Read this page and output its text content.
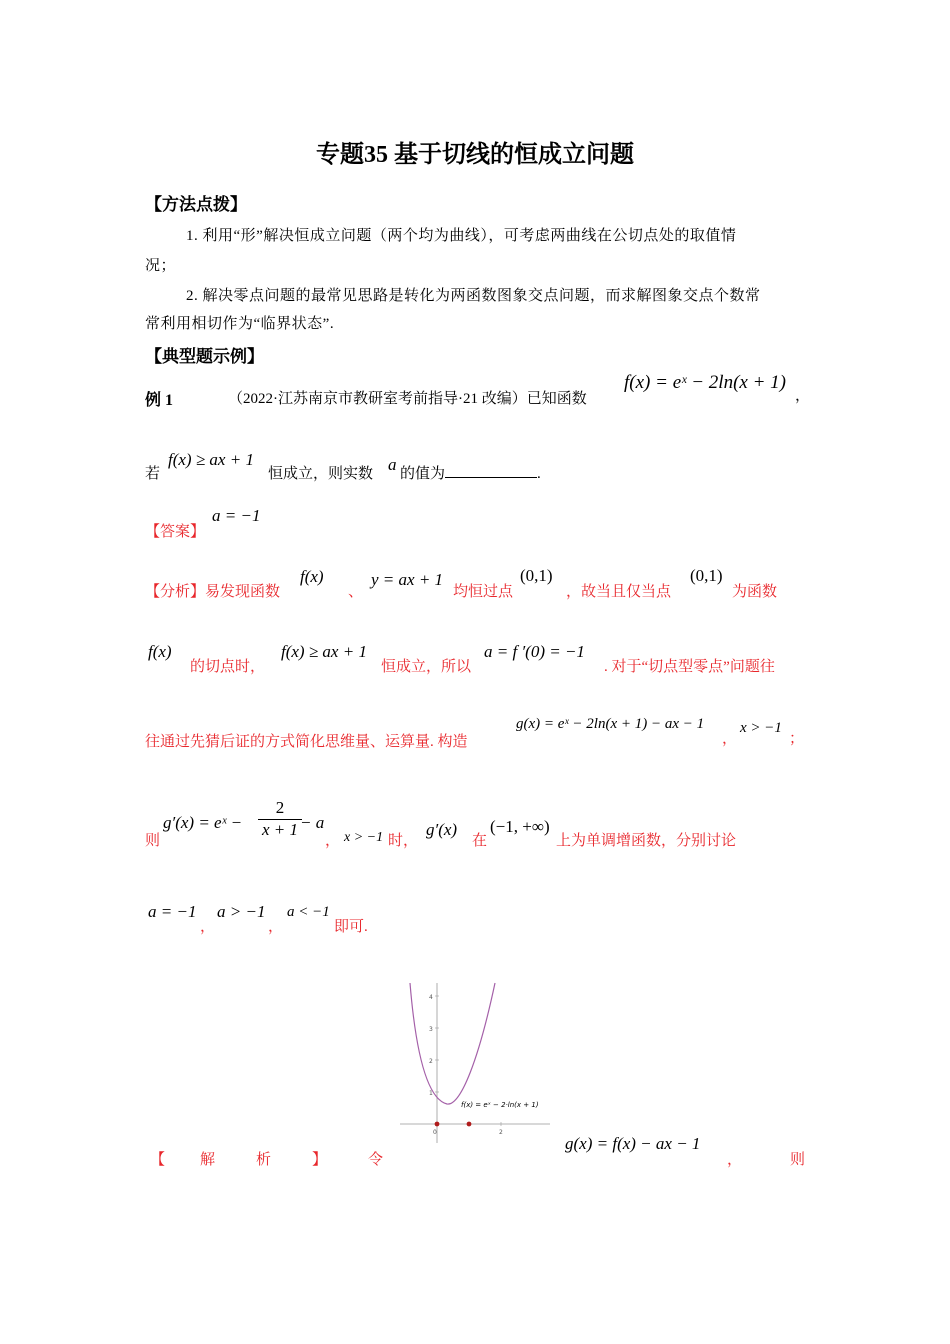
专题35 基于切线的恒成立问题
【方法点拨】
1. 利用“形”解决恒成立问题（两个均为曲线），可考虑两曲线在公切点处的取值情
况；
2. 解决零点问题的最常见思路是转化为两函数图象交点问题，而求解图象交点个数常
常利用相切作为“临界状态”.
【典型题示例】
例 1	（2022·江苏南京市教研室考前指导·21 改编）已知函数
f(x) = eˣ − 2ln(x + 1)
，
若
f(x) ≥ ax + 1
恒成立，则实数 a 的值为	.
【答案】
a = −1
【分析】易发现函数
f(x)
、
y = ax + 1
均恒过点
(0,1)
，故当且仅当点
(0,1)
为函数
f(x)
的切点时，
f(x) ≥ ax + 1
恒成立，所以
a = f ′(0) = −1
. 对于“切点型零点”问题往
往通过先猜后证的方式简化思维量、运算量. 构造
g(x) = eˣ − 2ln(x + 1) − ax − 1
，
x > −1
；
则
g′(x) = eˣ −
2
x + 1 − a
， x > −1 时，
g′(x)
在
(−1, +∞)
上为单调增函数，分别讨论
a = −1
，
a > −1
，
a < −1
即可.
1
2
3
4
0	2
f(x) = eˣ − 2·ln(x + 1)
【 解	析	】	令
g(x) = f(x) − ax − 1
，	则
